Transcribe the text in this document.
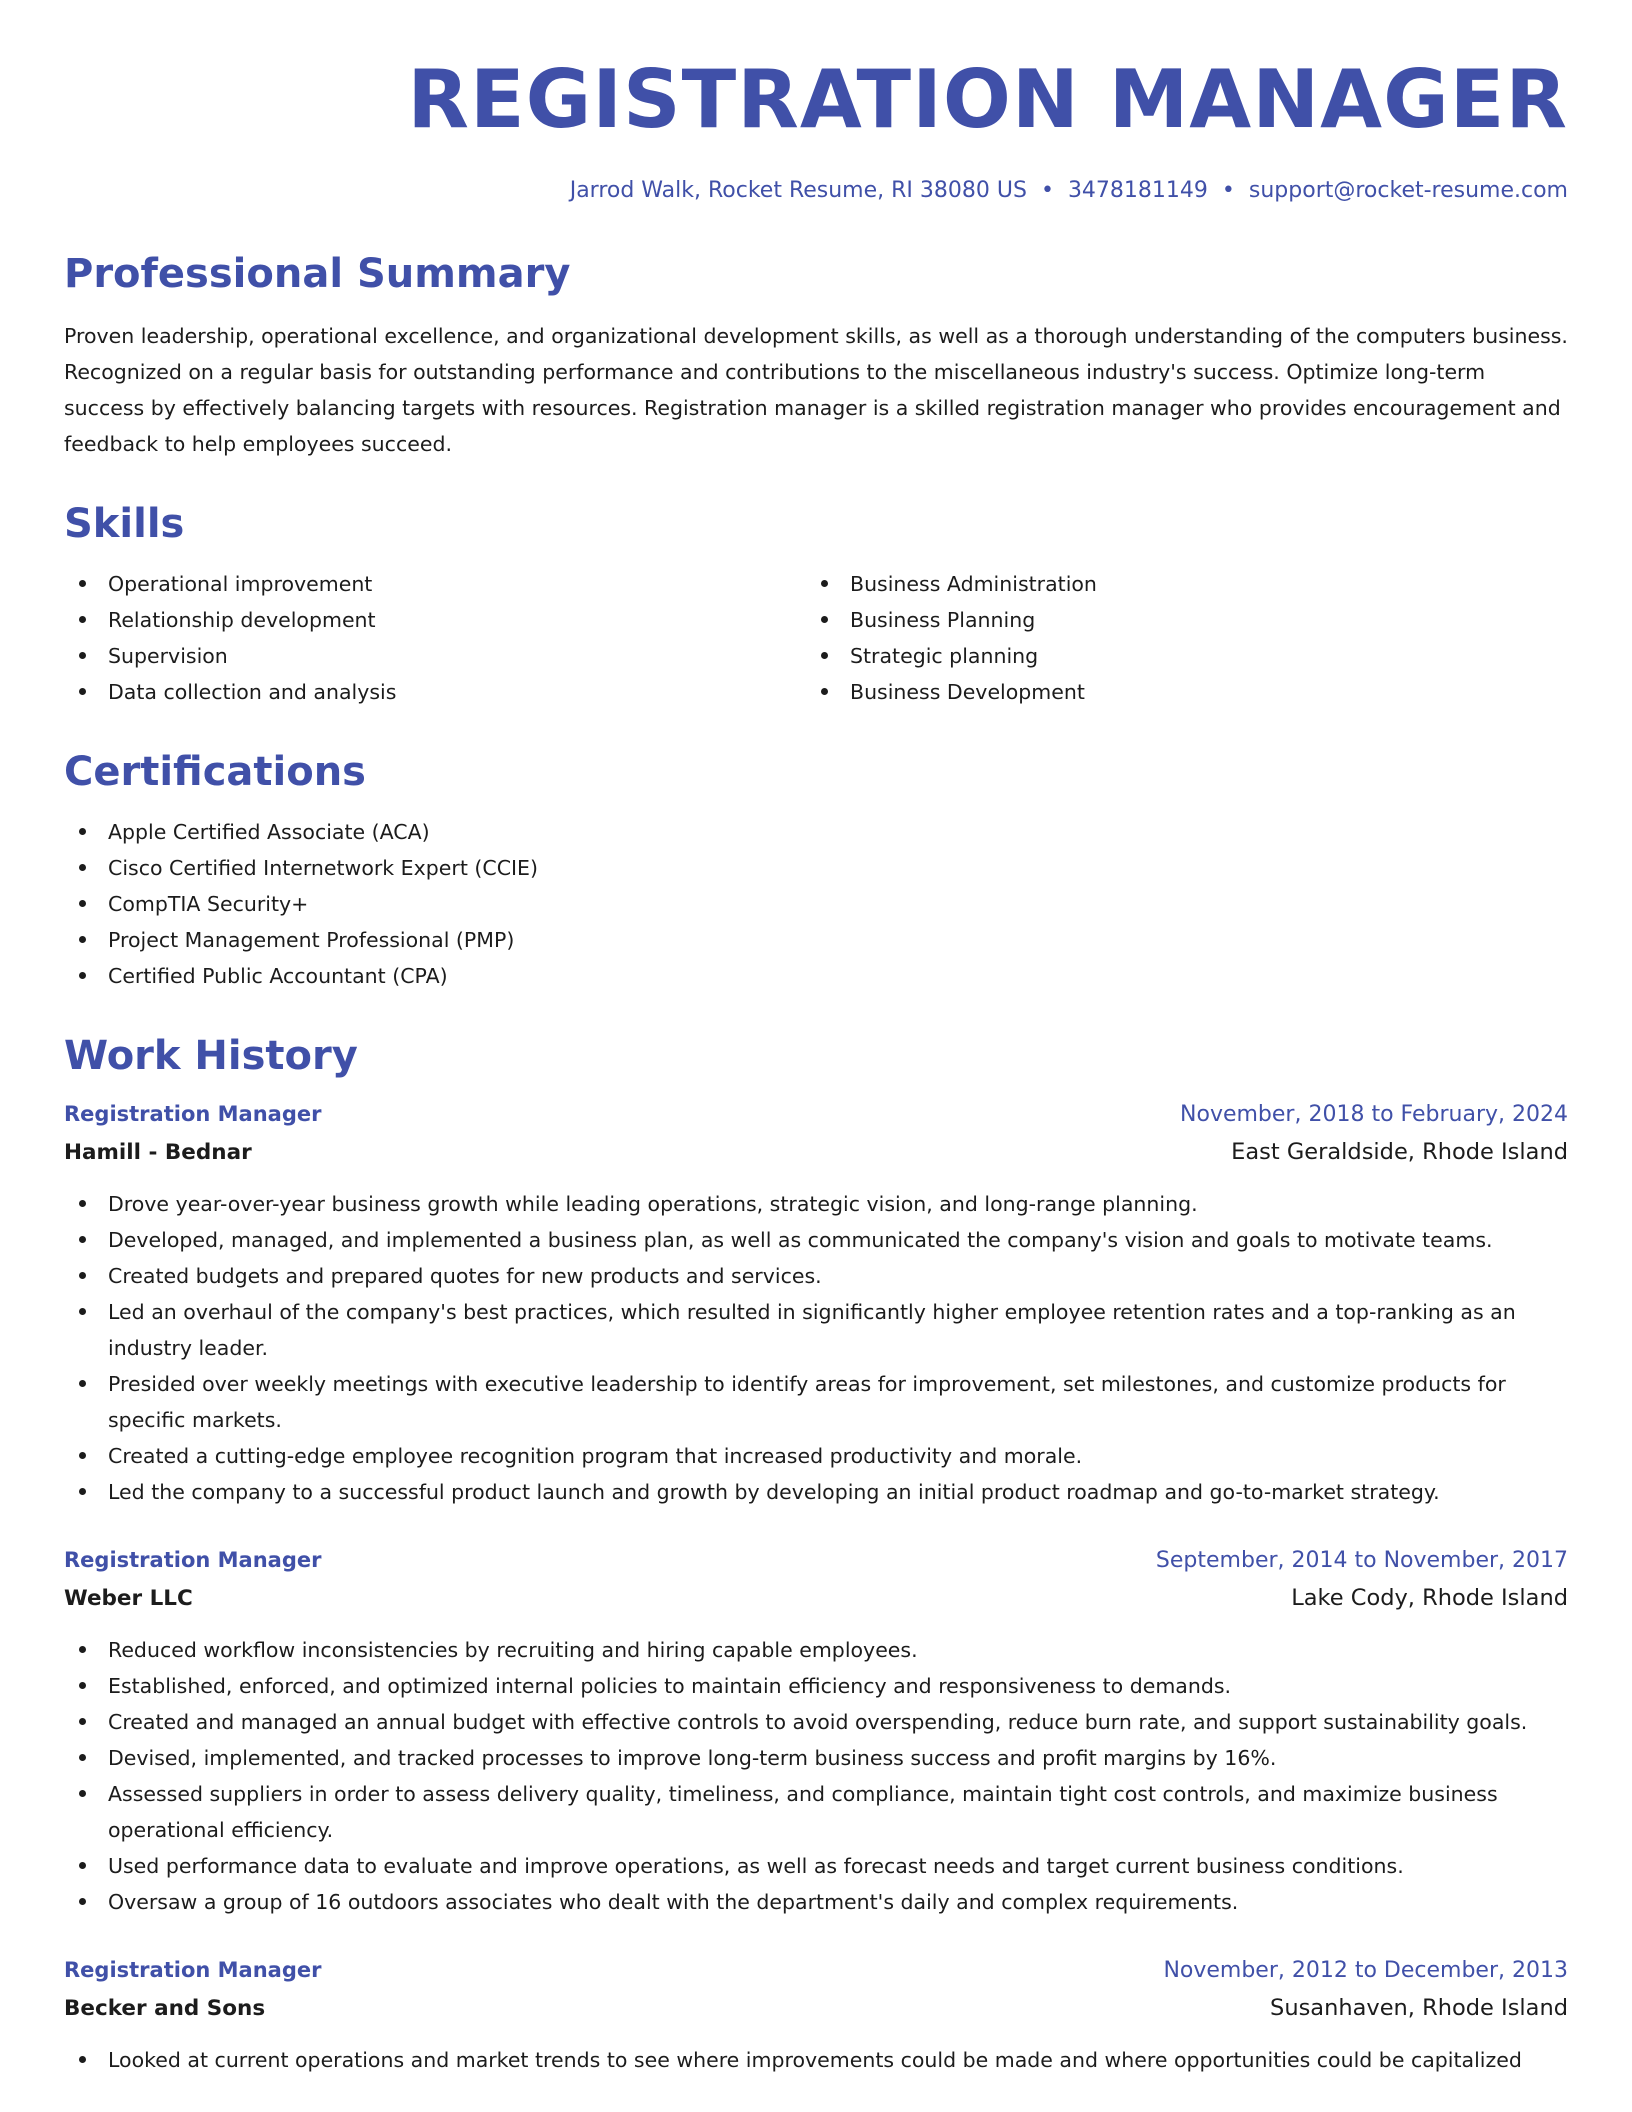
REGISTRATION MANAGER
Jarrod Walk, Rocket Resume, RI 38080 US • 3478181149 • support@rocket-resume.com
Professional Summary

Proven leadership, operational excellence, and organizational development skills, as well as a thorough understanding of the computers business. Recognized on a regular basis for outstanding performance and contributions to the miscellaneous industry's success. Optimize long-term success by effectively balancing targets with resources. Registration manager is a skilled registration manager who provides encouragement and feedback to help employees succeed.

Skills
Operational improvement
Relationship development
Supervision
Data collection and analysis
Business Administration
Business Planning
Strategic planning
Business Development
Certifications
Apple Certified Associate (ACA)
Cisco Certified Internetwork Expert (CCIE)
CompTIA Security+
Project Management Professional (PMP)
Certified Public Accountant (CPA)
Work History
Registration Manager	November, 2018 to February, 2024
Hamill - Bednar	East Geraldside, Rhode Island
Drove year-over-year business growth while leading operations, strategic vision, and long-range planning.
Developed, managed, and implemented a business plan, as well as communicated the company's vision and goals to motivate teams.
Created budgets and prepared quotes for new products and services.
Led an overhaul of the company's best practices, which resulted in significantly higher employee retention rates and a top-ranking as an industry leader.
Presided over weekly meetings with executive leadership to identify areas for improvement, set milestones, and customize products for specific markets.
Created a cutting-edge employee recognition program that increased productivity and morale.
Led the company to a successful product launch and growth by developing an initial product roadmap and go-to-market strategy.
Registration Manager	September, 2014 to November, 2017
Weber LLC	Lake Cody, Rhode Island
Reduced workflow inconsistencies by recruiting and hiring capable employees.
Established, enforced, and optimized internal policies to maintain efficiency and responsiveness to demands.
Created and managed an annual budget with effective controls to avoid overspending, reduce burn rate, and support sustainability goals.
Devised, implemented, and tracked processes to improve long-term business success and profit margins by 16%.
Assessed suppliers in order to assess delivery quality, timeliness, and compliance, maintain tight cost controls, and maximize business operational efficiency.
Used performance data to evaluate and improve operations, as well as forecast needs and target current business conditions.
Oversaw a group of 16 outdoors associates who dealt with the department's daily and complex requirements.
Registration Manager	November, 2012 to December, 2013
Becker and Sons	Susanhaven, Rhode Island
Looked at current operations and market trends to see where improvements could be made and where opportunities could be capitalized
